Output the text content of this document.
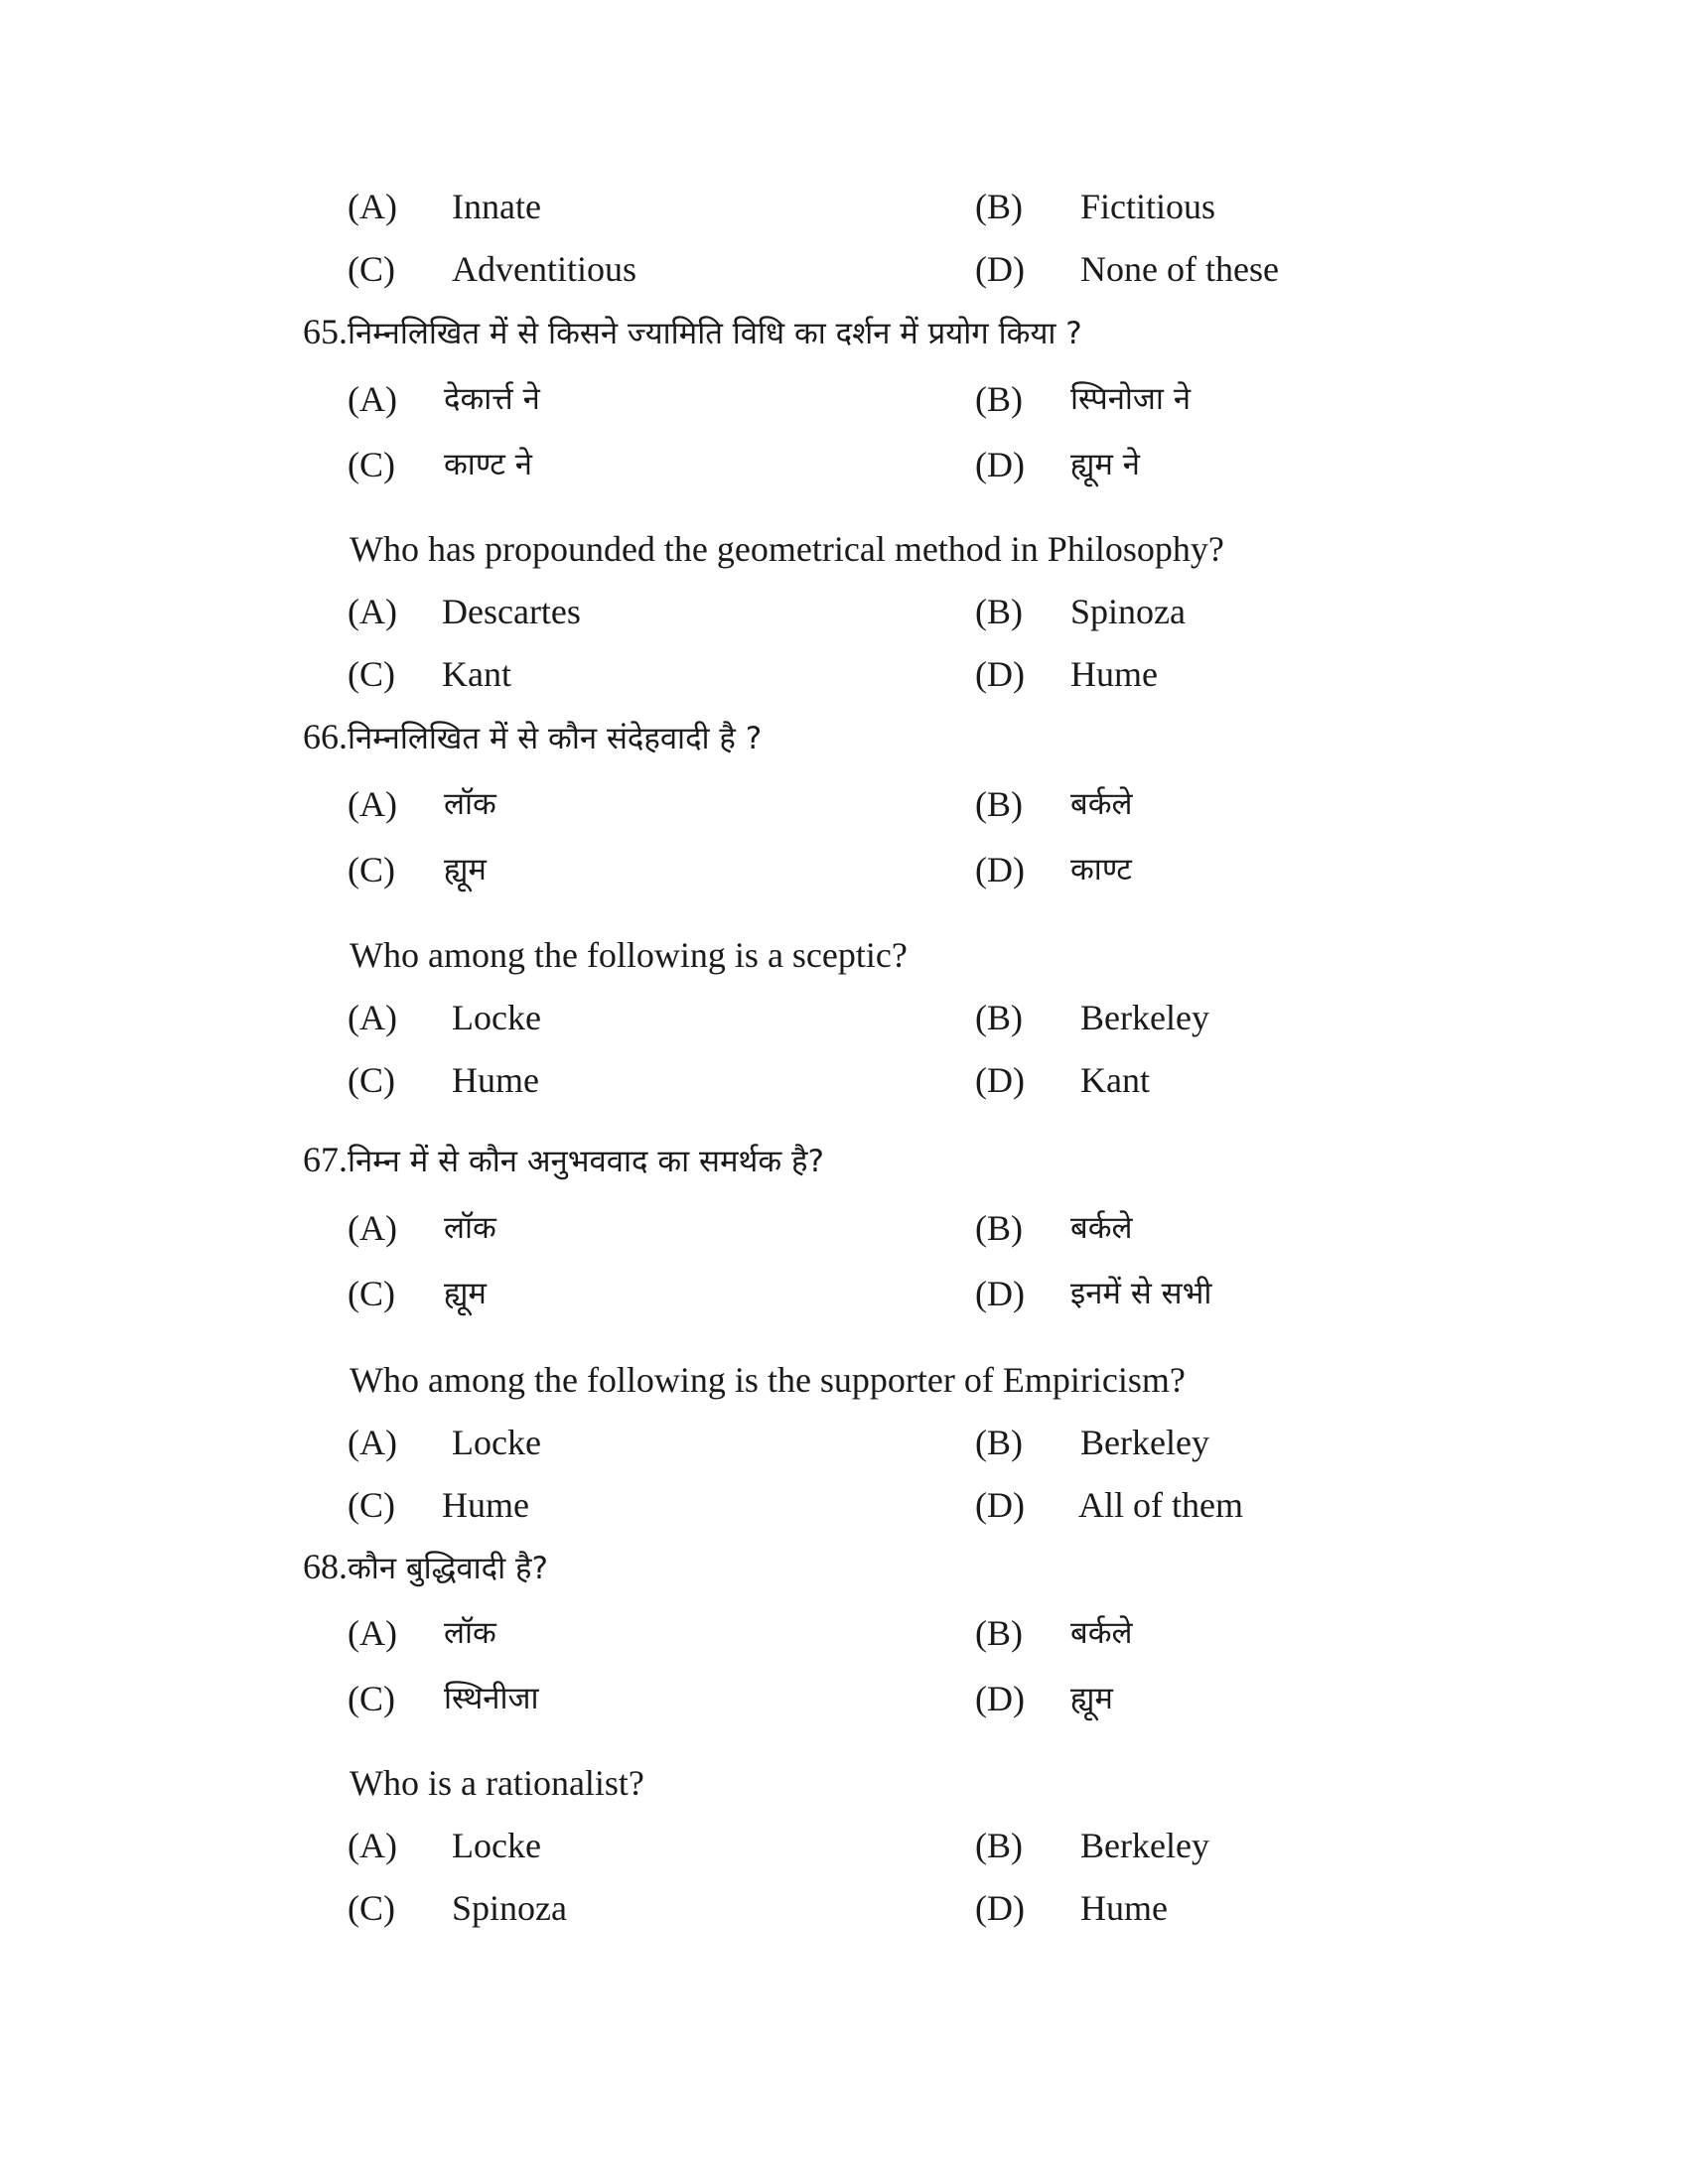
(A) Innate	(B) Fictitious
(C) Adventitious	(D) None of these
65.निम्नलिखित में से किसने ज्यामिति विधि का दर्शन में प्रयोग किया ?
(A) देकार्त्त ने	(B) स्पिनोजा ने
(C) काण्ट ने	(D) ह्यूम ने
Who has propounded the geometrical method in Philosophy?
(A) Descartes	(B) Spinoza
(C) Kant	(D) Hume
66.निम्नलिखित में से कौन संदेहवादी है ?
(A) लॉक	(B) बर्कले
(C) ह्यूम	(D) काण्ट
Who among the following is a sceptic?
(A) Locke	(B) Berkeley
(C) Hume	(D) Kant
67.निम्न में से कौन अनुभववाद का समर्थक है?
(A) लॉक	(B) बर्कले
(C) ह्यूम	(D) इनमें से सभी
Who among the following is the supporter of Empiricism?
(A) Locke	(B) Berkeley
(C) Hume	(D) All of them
68.कौन बुद्धिवादी है?
(A) लॉक	(B) बर्कले
(C) स्थिनीजा	(D) ह्यूम
Who is a rationalist?
(A) Locke	(B) Berkeley
(C) Spinoza	(D) Hume
